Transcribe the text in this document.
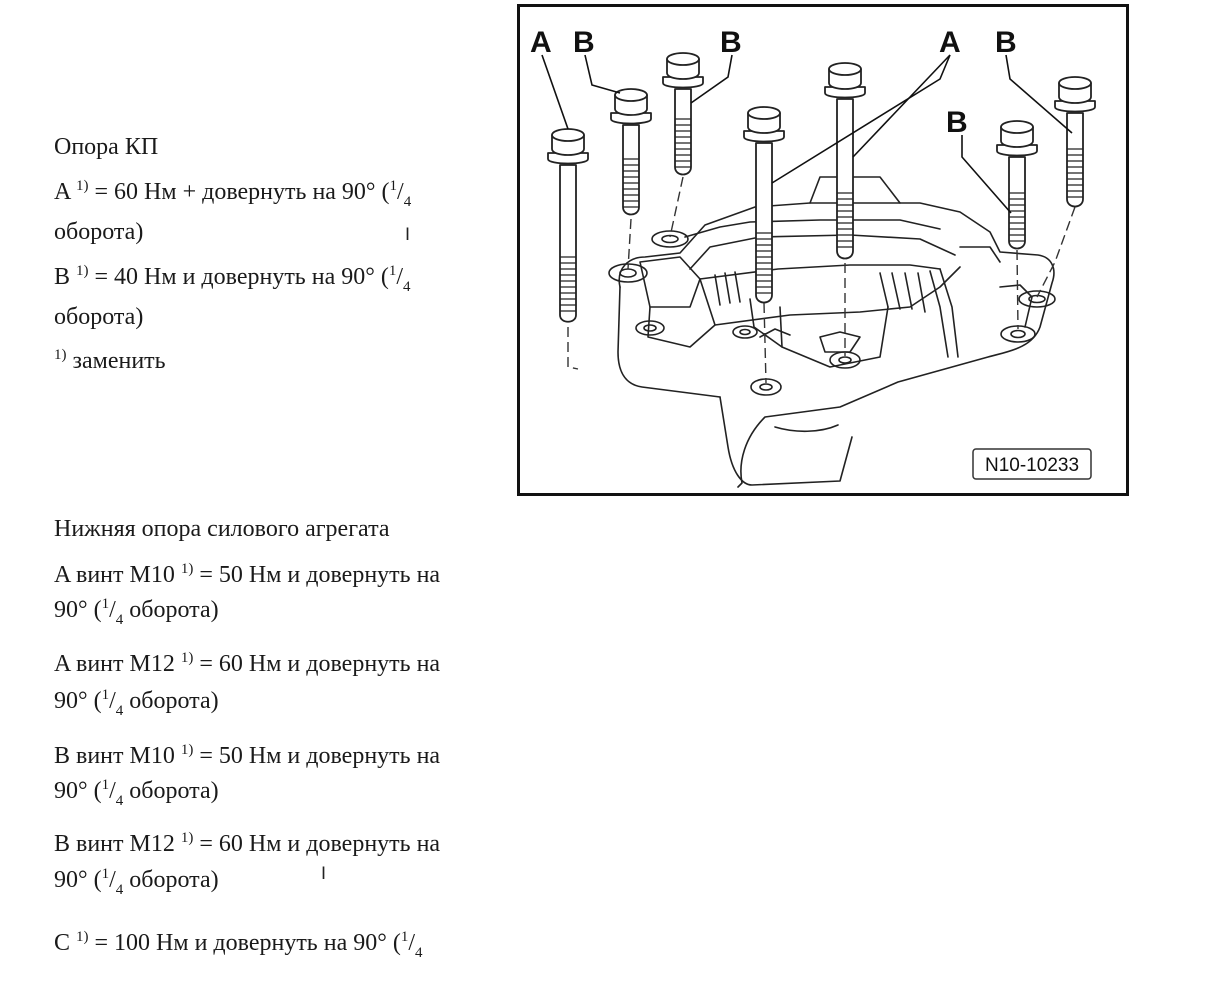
Опора КП
A $^{1)}$ = 60 Нм + довернуть на 90° ($^1/_4$
оборота)
B $^{1)}$ = 40 Нм и довернуть на 90° ($^1/_4$
оборота)
$^{1)}$ заменить
I
Нижняя опора силового агрегата
A винт M10 $^{1)}$ = 50 Нм и довернуть на
90° ($^1/_4$ оборота)
A винт M12 $^{1)}$ = 60 Нм и довернуть на
90° ($^1/_4$ оборота)
B винт M10 $^{1)}$ = 50 Нм и довернуть на
90° ($^1/_4$ оборота)
B винт M12 $^{1)}$ = 60 Нм и довернуть на
90° ($^1/_4$ оборота)	I
C $^{1)}$ = 100 Нм и довернуть на 90° ($^1/_4$
A B	B	A B
B
N10-10233
